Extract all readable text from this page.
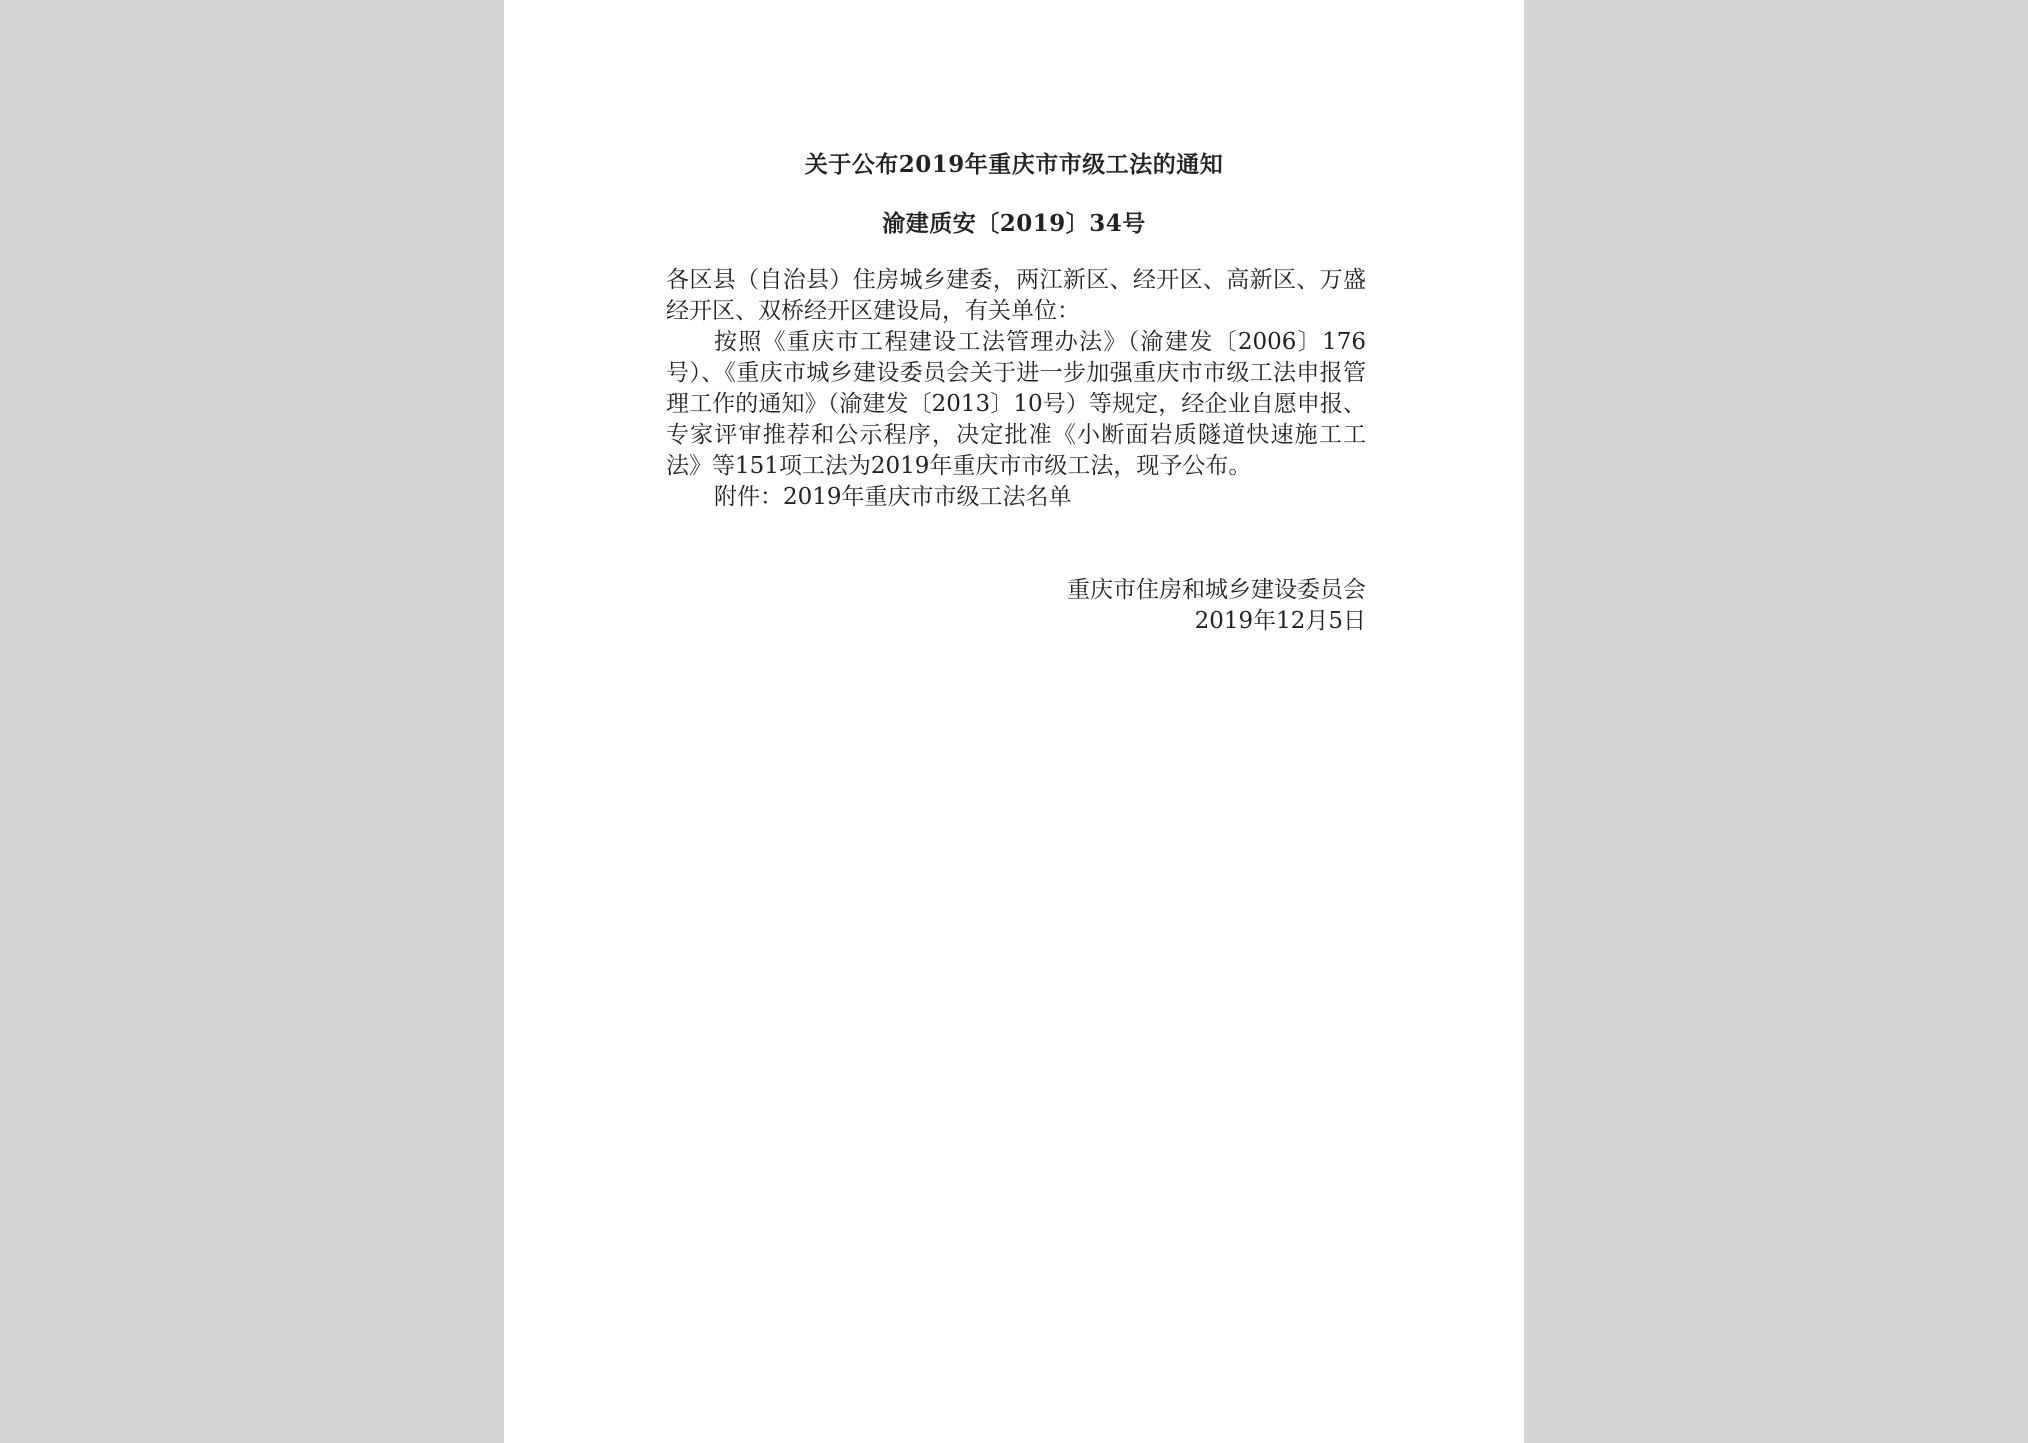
关于公布2019年重庆市市级工法的通知
渝建质安〔2019〕34号

各区县（自治县）住房城乡建委，两江新区、经开区、高新区、万盛经开区、双桥经开区建设局，有关单位：

按照《重庆市工程建设工法管理办法》（渝建发〔2006〕176号）、《重庆市城乡建设委员会关于进一步加强重庆市市级工法申报管理工作的通知》（渝建发〔2013〕10号）等规定，经企业自愿申报、专家评审推荐和公示程序，决定批准《小断面岩质隧道快速施工工法》等151项工法为2019年重庆市市级工法，现予公布。

附件：2019年重庆市市级工法名单

重庆市住房和城乡建设委员会
2019年12月5日
